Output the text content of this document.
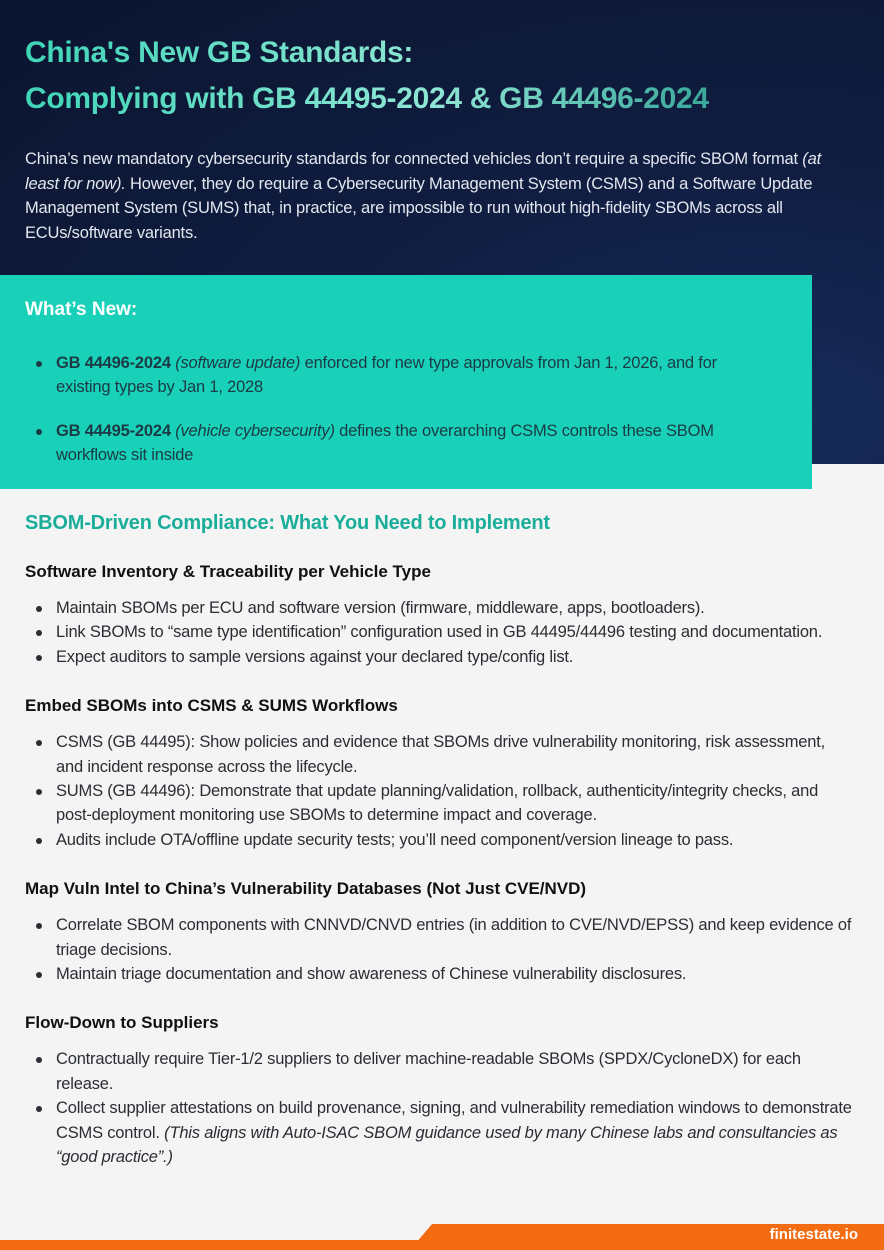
China's New GB Standards:
Complying with GB 44495-2024 & GB 44496-2024

China’s new mandatory cybersecurity standards for connected vehicles don’t require a specific SBOM format (at least for now). However, they do require a Cybersecurity Management System (CSMS) and a Software Update Management System (SUMS) that, in practice, are impossible to run without high-fidelity SBOMs across all ECUs/software variants.

What’s New:
GB 44496-2024 (software update) enforced for new type approvals from Jan 1, 2026, and for existing types by Jan 1, 2028
GB 44495-2024 (vehicle cybersecurity) defines the overarching CSMS controls these SBOM workflows sit inside
SBOM-Driven Compliance: What You Need to Implement
Software Inventory & Traceability per Vehicle Type
Maintain SBOMs per ECU and software version (firmware, middleware, apps, bootloaders).
Link SBOMs to “same type identification” configuration used in GB 44495/44496 testing and documentation.
Expect auditors to sample versions against your declared type/config list.
Embed SBOMs into CSMS & SUMS Workflows
CSMS (GB 44495): Show policies and evidence that SBOMs drive vulnerability monitoring, risk assessment, and incident response across the lifecycle.
SUMS (GB 44496): Demonstrate that update planning/validation, rollback, authenticity/integrity checks, and post-deployment monitoring use SBOMs to determine impact and coverage.
Audits include OTA/offline update security tests; you’ll need component/version lineage to pass.
Map Vuln Intel to China’s Vulnerability Databases (Not Just CVE/NVD)
Correlate SBOM components with CNNVD/CNVD entries (in addition to CVE/NVD/EPSS) and keep evidence of triage decisions.
Maintain triage documentation and show awareness of Chinese vulnerability disclosures.
Flow-Down to Suppliers
Contractually require Tier-1/2 suppliers to deliver machine-readable SBOMs (SPDX/CycloneDX) for each release.
Collect supplier attestations on build provenance, signing, and vulnerability remediation windows to demonstrate CSMS control. (This aligns with Auto-ISAC SBOM guidance used by many Chinese labs and consultancies as “good practice”.)
finitestate.io
